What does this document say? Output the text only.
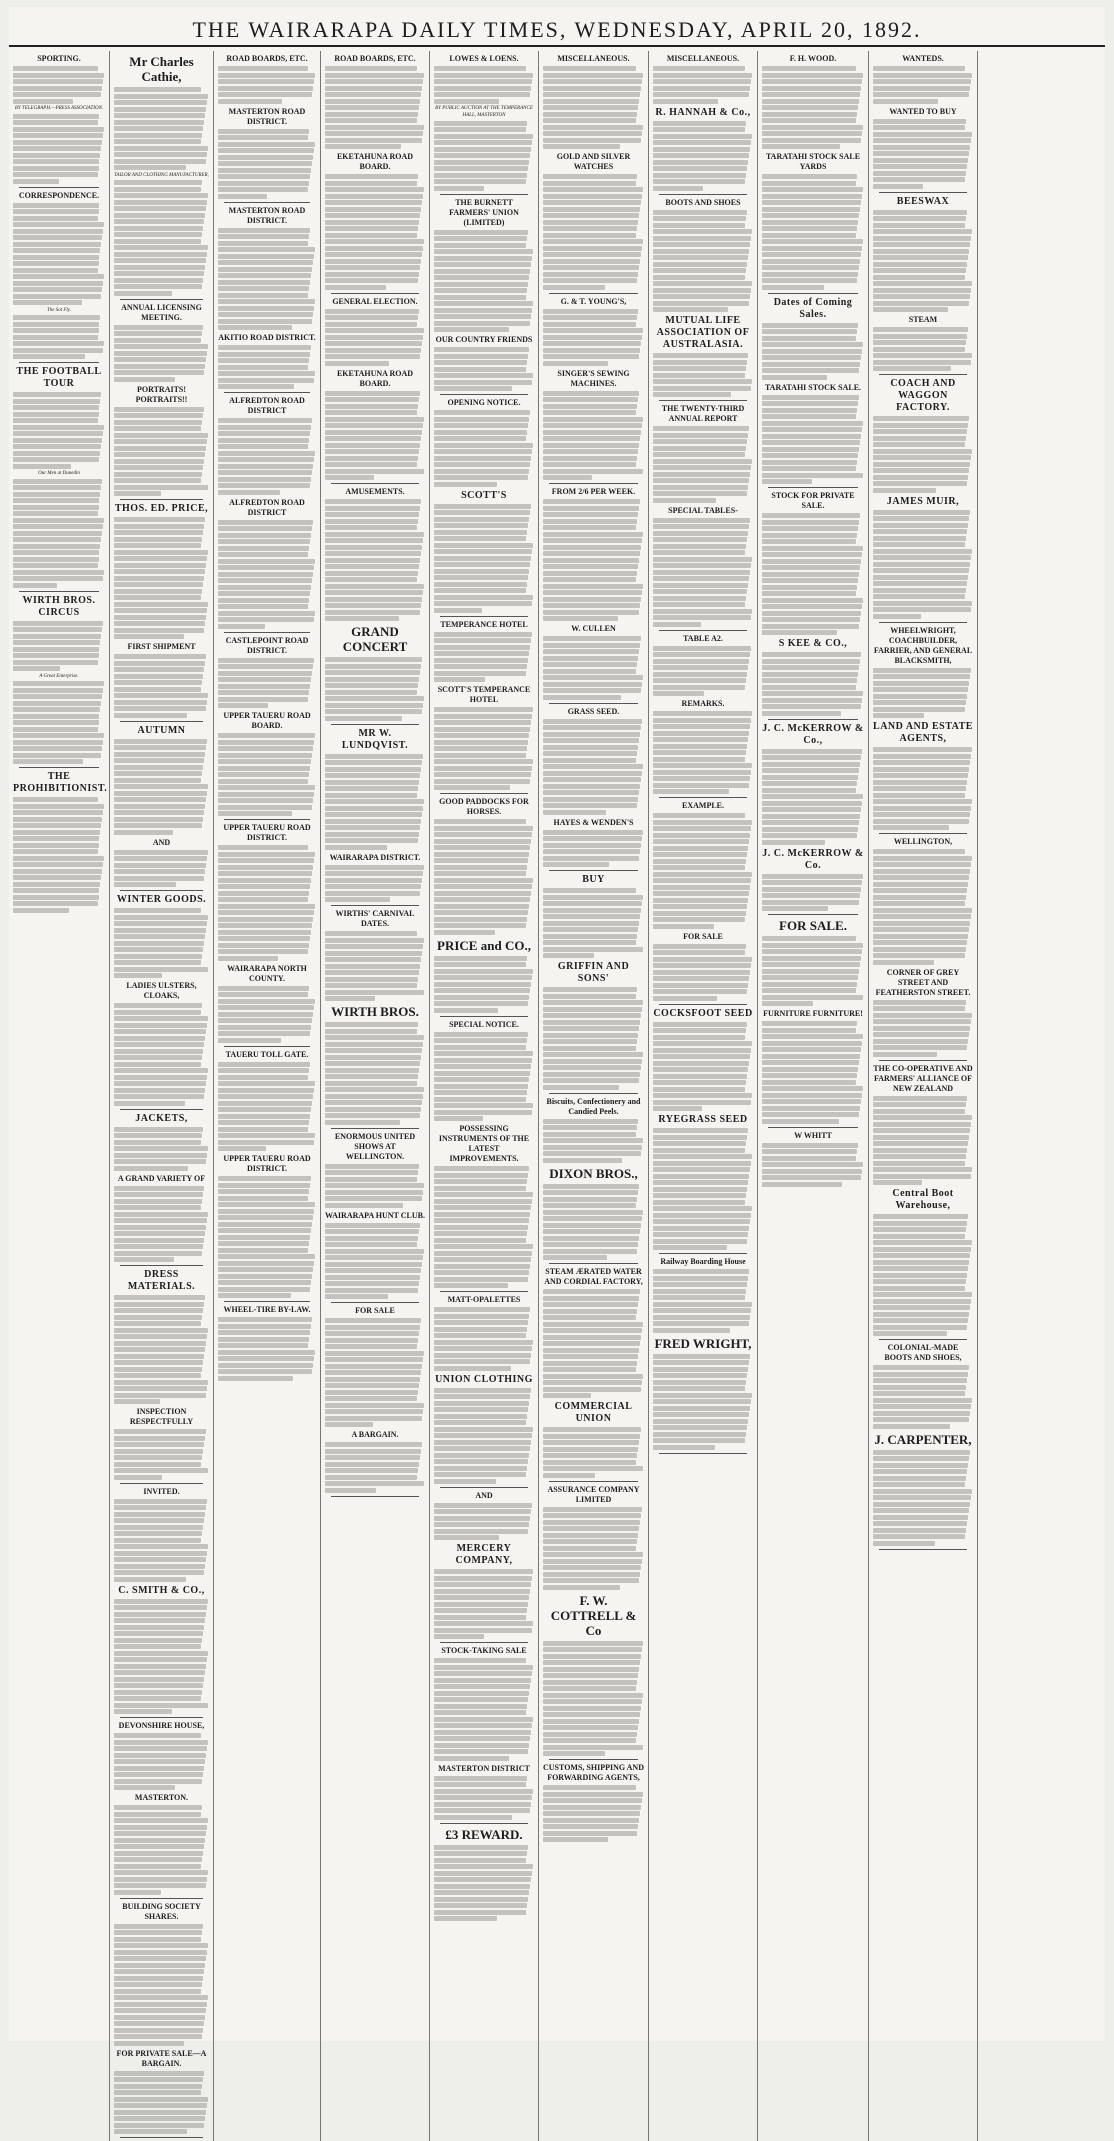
THE WAIRARAPA DAILY TIMES, WEDNESDAY, APRIL 20, 1892.
SPORTING.
BY TELEGRAPH.—PRESS ASSOCIATION.
CORRESPONDENCE.
The Sot Fly.
THE FOOTBALL TOUR
Our Men at Dunedin
WIRTH BROS. CIRCUS
A Great Enterprise.
THE PROHIBITIONIST.
Mr Charles Cathie,
TAILOR AND CLOTHING MANUFACTURER,
ANNUAL LICENSING MEETING.
PORTRAITS! PORTRAITS!!
THOS. ED. PRICE,
FIRST SHIPMENT
AUTUMN
AND
WINTER GOODS.
LADIES ULSTERS, CLOAKS,
JACKETS,
A GRAND VARIETY OF
DRESS MATERIALS.
INSPECTION RESPECTFULLY
INVITED.
C. SMITH & CO.,
DEVONSHIRE HOUSE,
MASTERTON.
BUILDING SOCIETY SHARES.
FOR PRIVATE SALE—A BARGAIN.
ROAD BOARDS, ETC.
MASTERTON ROAD DISTRICT.
MASTERTON ROAD DISTRICT.
AKITIO ROAD DISTRICT.
ALFREDTON ROAD DISTRICT
ALFREDTON ROAD DISTRICT
CASTLEPOINT ROAD DISTRICT.
UPPER TAUERU ROAD BOARD.
UPPER TAUERU ROAD DISTRICT.
WAIRARAPA NORTH COUNTY.
TAUERU TOLL GATE.
UPPER TAUERU ROAD DISTRICT.
WHEEL-TIRE BY-LAW.
ROAD BOARDS, ETC.
EKETAHUNA ROAD BOARD.
GENERAL ELECTION.
EKETAHUNA ROAD BOARD.
AMUSEMENTS.
GRAND CONCERT
MR W. LUNDQVIST.
WAIRARAPA DISTRICT.
WIRTHS' CARNIVAL DATES.
WIRTH BROS.
ENORMOUS UNITED SHOWS AT WELLINGTON.
WAIRARAPA HUNT CLUB.
FOR SALE
A BARGAIN.
LOWES & LOENS.
BY PUBLIC AUCTION AT THE TEMPERANCE HALL, MASTERTON
THE BURNETT FARMERS' UNION (LIMITED)
OUR COUNTRY FRIENDS
OPENING NOTICE.
SCOTT'S
TEMPERANCE HOTEL
SCOTT'S TEMPERANCE HOTEL
GOOD PADDOCKS FOR HORSES.
PRICE and CO.,
SPECIAL NOTICE.
POSSESSING INSTRUMENTS OF THE LATEST IMPROVEMENTS.
MATT-OPALETTES
UNION CLOTHING
AND
MERCERY COMPANY,
STOCK-TAKING SALE
MASTERTON DISTRICT
£3 REWARD.
MISCELLANEOUS.
GOLD AND SILVER WATCHES
G. & T. YOUNG'S,
SINGER'S SEWING MACHINES.
FROM 2/6 PER WEEK.
W. CULLEN
GRASS SEED.
HAYES & WENDEN'S
BUY
GRIFFIN AND SONS'
Biscuits, Confectionery and Candied Peels.
DIXON BROS.,
STEAM ÆRATED WATER AND CORDIAL FACTORY,
COMMERCIAL UNION
ASSURANCE COMPANY LIMITED
F. W. COTTRELL & Co
CUSTOMS, SHIPPING AND FORWARDING AGENTS,
MISCELLANEOUS.
R. HANNAH & Co.,
BOOTS AND SHOES
MUTUAL LIFE ASSOCIATION OF AUSTRALASIA.
THE TWENTY-THIRD ANNUAL REPORT
SPECIAL TABLES-
TABLE A2.
REMARKS.
EXAMPLE.
FOR SALE
COCKSFOOT SEED
RYEGRASS SEED
Railway Boarding House
FRED WRIGHT,
F. H. WOOD.
TARATAHI STOCK SALE YARDS
Dates of Coming Sales.
TARATAHI STOCK SALE.
STOCK FOR PRIVATE SALE.
S KEE & CO.,
J. C. McKERROW & Co.,
J. C. McKERROW & Co.
FOR SALE.
FURNITURE FURNITURE!
W WHITT
WANTEDS.
WANTED TO BUY
BEESWAX
STEAM
COACH AND WAGGON FACTORY.
JAMES MUIR,
WHEELWRIGHT, COACHBUILDER, FARRIER, AND GENERAL BLACKSMITH,
LAND AND ESTATE AGENTS,
WELLINGTON,
CORNER OF GREY STREET AND FEATHERSTON STREET.
THE CO-OPERATIVE AND FARMERS' ALLIANCE OF NEW ZEALAND
Central Boot Warehouse,
COLONIAL-MADE BOOTS AND SHOES,
J. CARPENTER,
